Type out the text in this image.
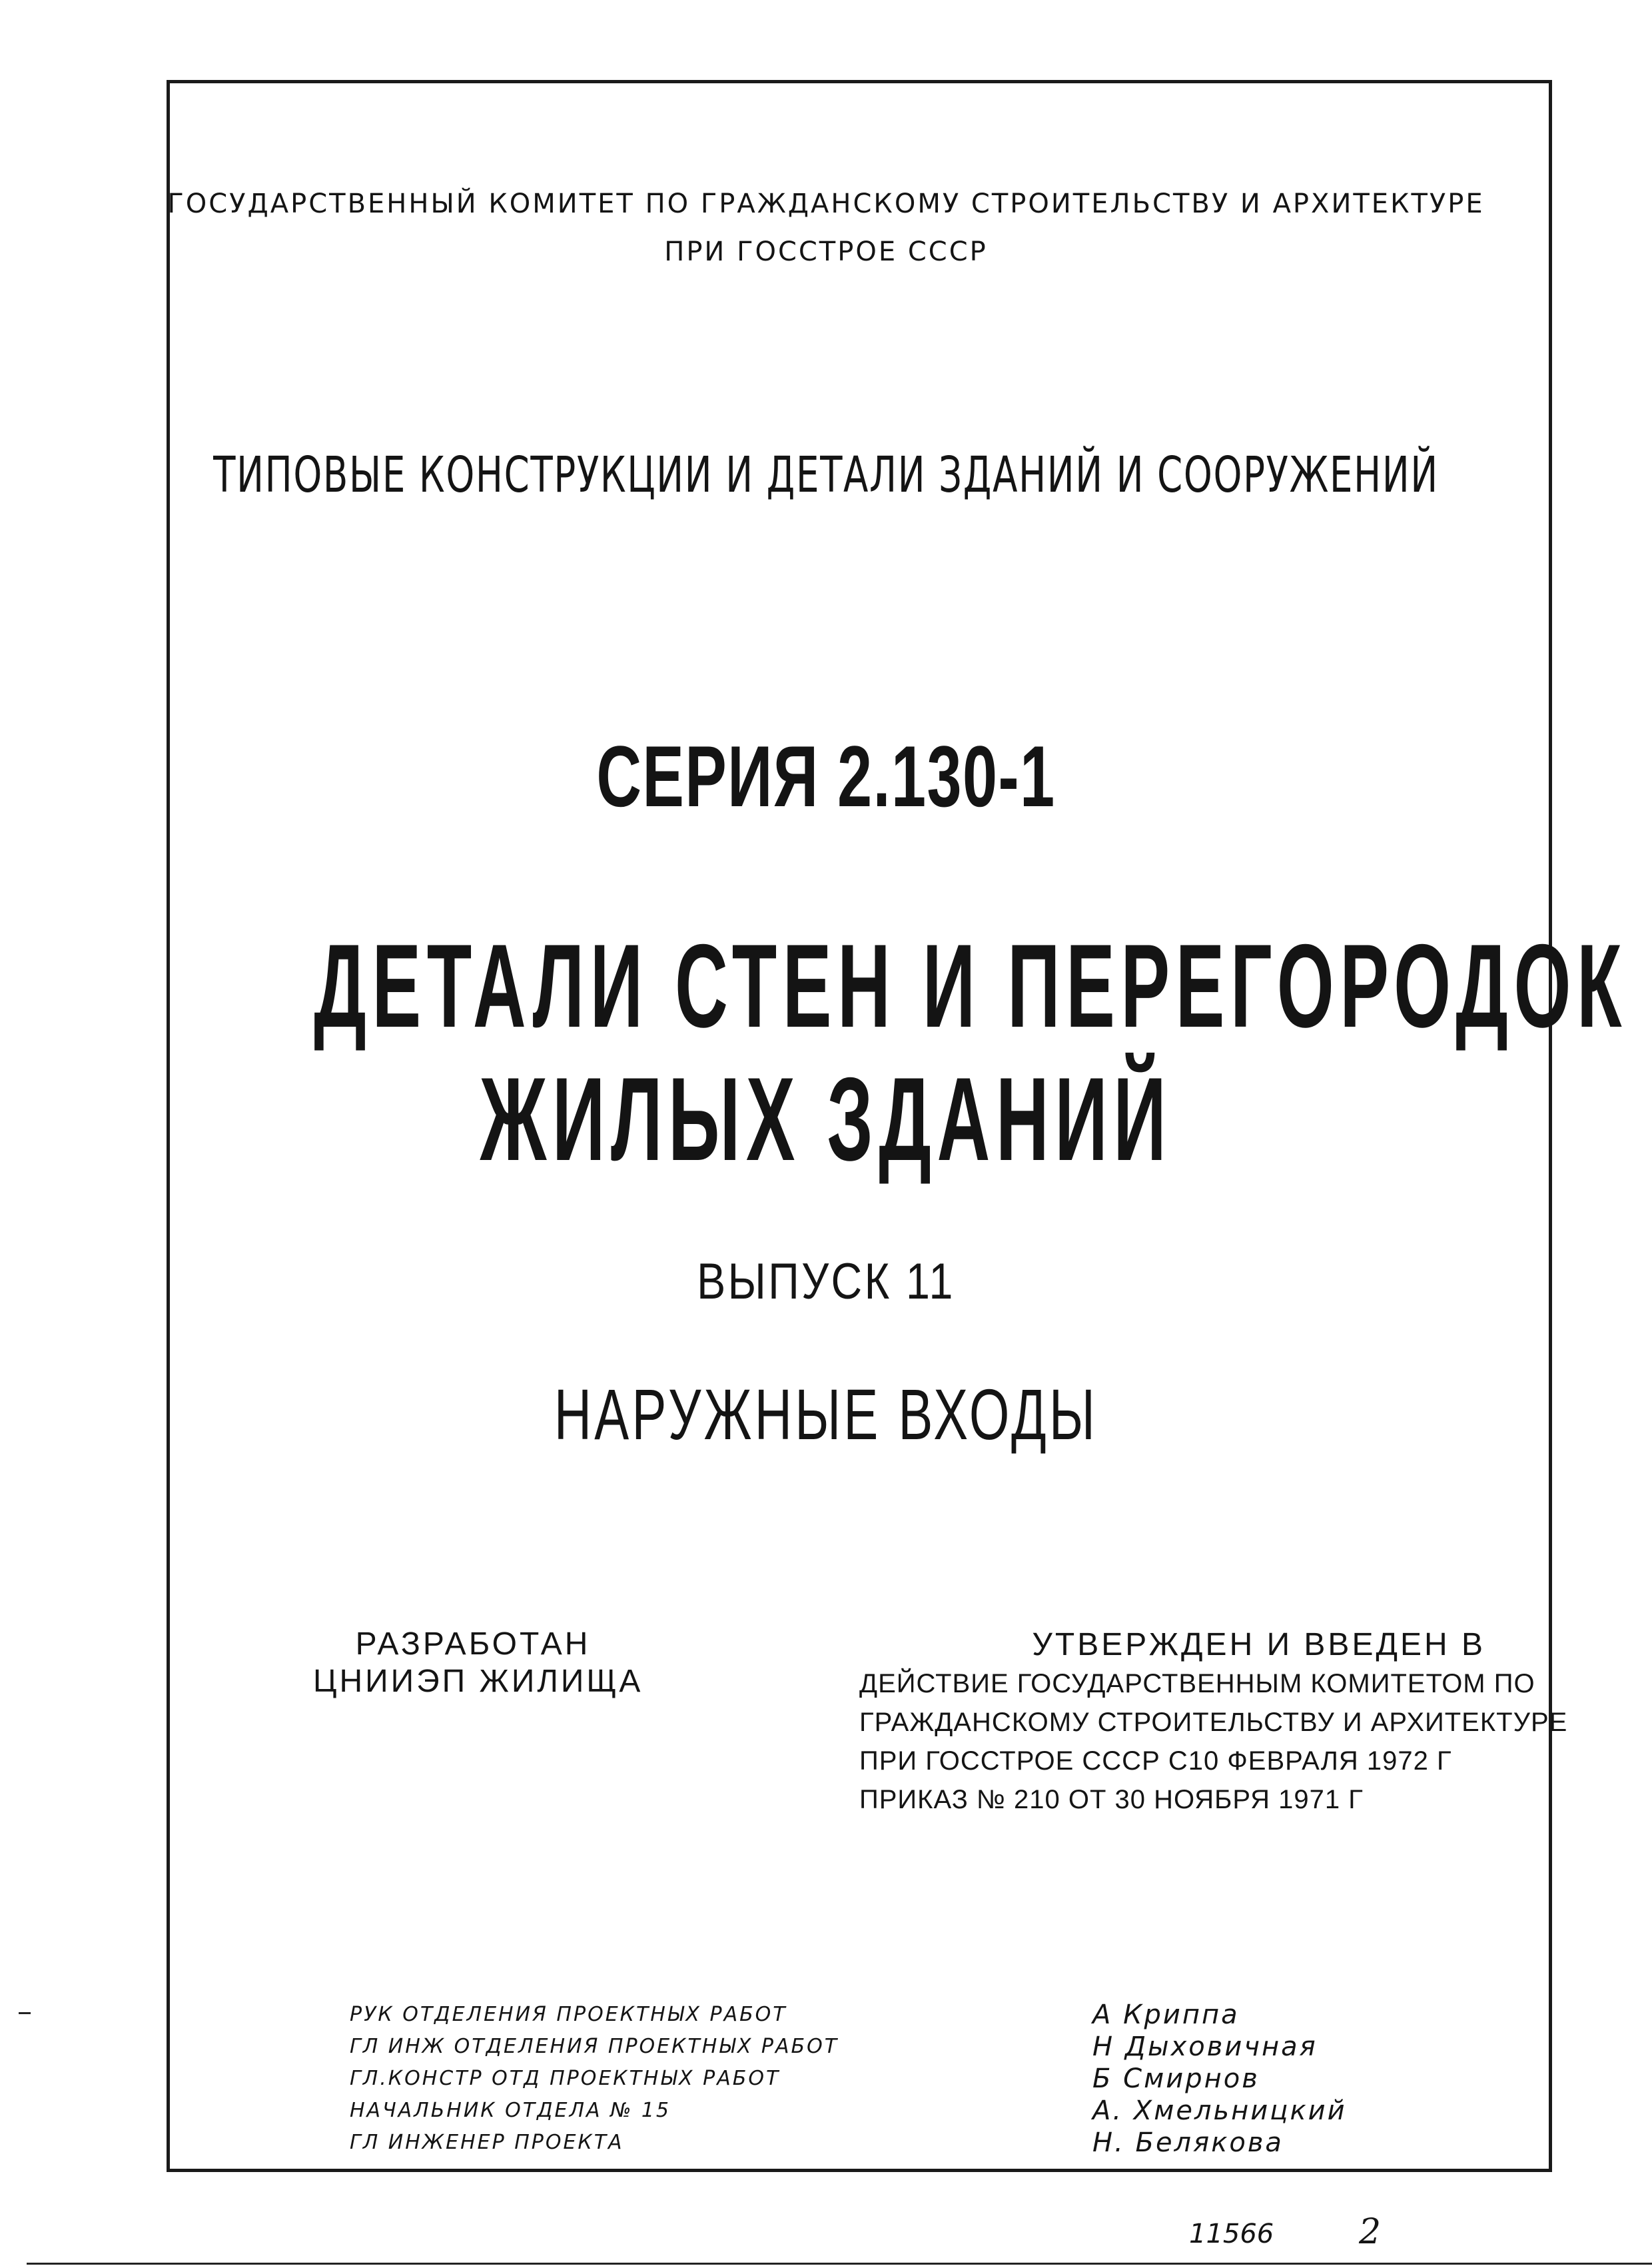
ГОСУДАРСТВЕННЫЙ КОМИТЕТ ПО ГРАЖДАНСКОМУ СТРОИТЕЛЬСТВУ И АРХИТЕКТУРЕ
ПРИ ГОССТРОЕ СССР
ТИПОВЫЕ КОНСТРУКЦИИ И ДЕТАЛИ ЗДАНИЙ И СООРУЖЕНИЙ
СЕРИЯ 2.130-1
ДЕТАЛИ СТЕН И ПЕРЕГОРОДОК
ЖИЛЫХ ЗДАНИЙ
ВЫПУСК 11
НАРУЖНЫЕ ВХОДЫ
РАЗРАБОТАН
ЦНИИЭП ЖИЛИЩА
УТВЕРЖДЕН И ВВЕДЕН В
ДЕЙСТВИЕ ГОСУДАРСТВЕННЫМ КОМИТЕТОМ ПО
ГРАЖДАНСКОМУ СТРОИТЕЛЬСТВУ И АРХИТЕКТУРЕ
ПРИ ГОССТРОЕ СССР С10 ФЕВРАЛЯ 1972 Г
ПРИКАЗ № 210 ОТ 30 НОЯБРЯ 1971 Г
РУК ОТДЕЛЕНИЯ ПРОЕКТНЫХ РАБОТ
ГЛ ИНЖ ОТДЕЛЕНИЯ ПРОЕКТНЫХ РАБОТ
ГЛ.КОНСТР ОТД ПРОЕКТНЫХ РАБОТ
НАЧАЛЬНИК ОТДЕЛА № 15
ГЛ ИНЖЕНЕР ПРОЕКТА
А Криппа
Н Дыховичная
Б Смирнов
А. Хмельницкий
Н. Белякова
11566 2
